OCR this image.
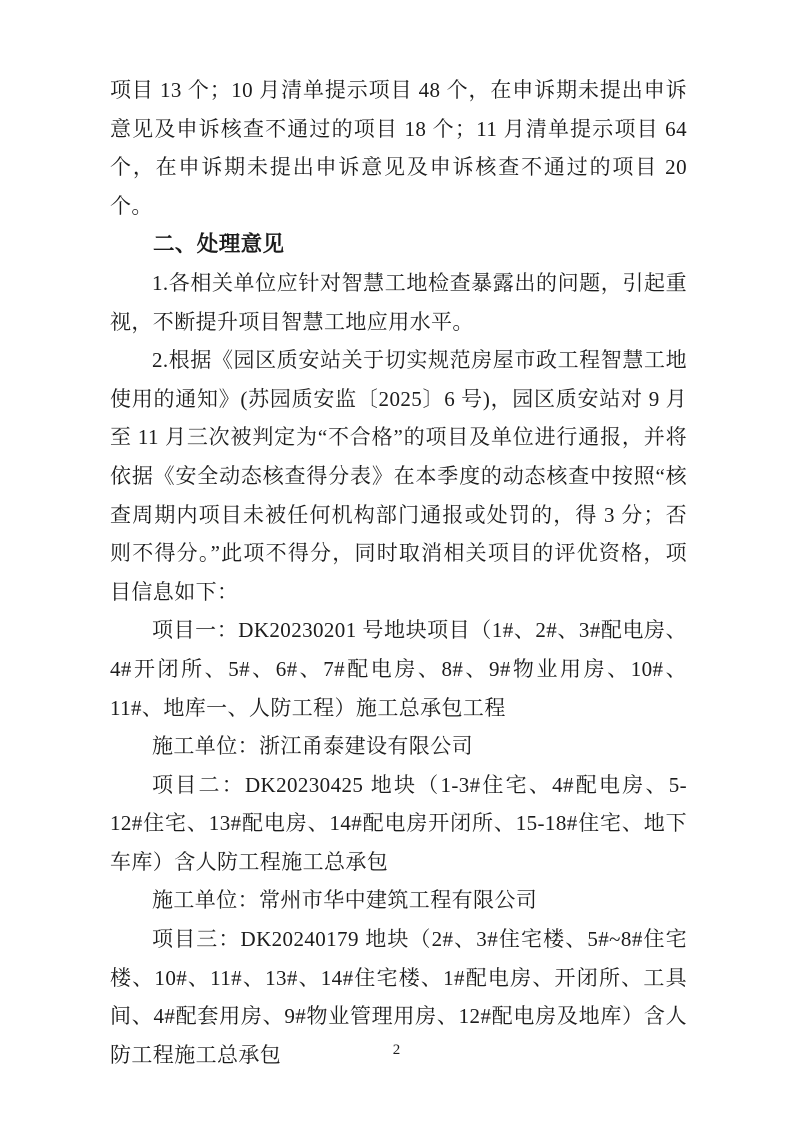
项目 13 个；10 月清单提示项目 48 个，在申诉期未提出申诉意见及申诉核查不通过的项目 18 个；11 月清单提示项目 64 个，在申诉期未提出申诉意见及申诉核查不通过的项目 20 个。

二、处理意见

1.各相关单位应针对智慧工地检查暴露出的问题，引起重视，不断提升项目智慧工地应用水平。

2.根据《园区质安站关于切实规范房屋市政工程智慧工地使用的通知》(苏园质安监〔2025〕6 号)，园区质安站对 9 月至 11 月三次被判定为“不合格”的项目及单位进行通报，并将依据《安全动态核查得分表》在本季度的动态核查中按照“核查周期内项目未被任何机构部门通报或处罚的，得 3 分；否则不得分。”此项不得分，同时取消相关项目的评优资格，项目信息如下：

项目一：DK20230201 号地块项目（1#、2#、3#配电房、4#开闭所、5#、6#、7#配电房、8#、9#物业用房、10#、11#、地库一、人防工程）施工总承包工程

施工单位：浙江甬泰建设有限公司

项目二：DK20230425 地块（1-3#住宅、4#配电房、5-12#住宅、13#配电房、14#配电房开闭所、15-18#住宅、地下车库）含人防工程施工总承包

施工单位：常州市华中建筑工程有限公司

项目三：DK20240179 地块（2#、3#住宅楼、5#~8#住宅楼、10#、11#、13#、14#住宅楼、1#配电房、开闭所、工具间、4#配套用房、9#物业管理用房、12#配电房及地库）含人防工程施工总承包	2
